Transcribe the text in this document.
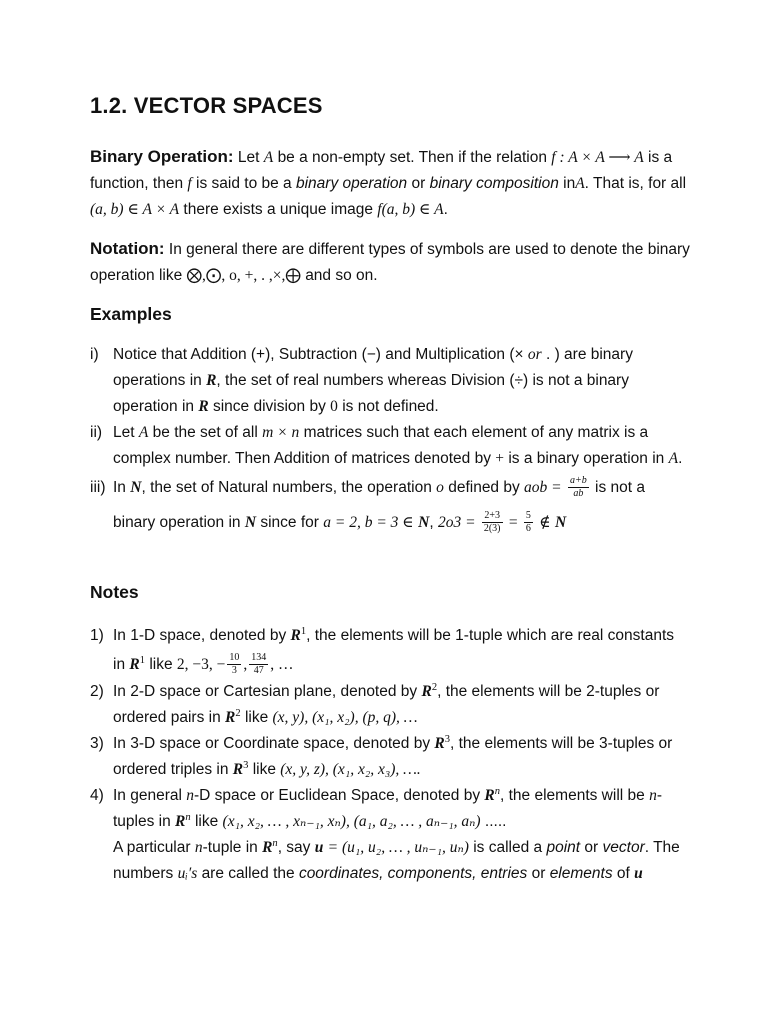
1.2. VECTOR SPACES
Binary Operation: Let A be a non-empty set. Then if the relation f : A × A ⟶ A is a function, then f is said to be a binary operation or binary composition inA. That is, for all (a, b) ∈ A × A there exists a unique image f(a, b) ∈ A.
Notation: In general there are different types of symbols are used to denote the binary operation like ⨂,⨀, o, +, . ,×,⨁ and so on.
Examples
i) Notice that Addition (+), Subtraction (−) and Multiplication (× or . ) are binary operations in R, the set of real numbers whereas Division (÷) is not a binary operation in R since division by 0 is not defined.
ii) Let A be the set of all m × n matrices such that each element of any matrix is a complex number. Then Addition of matrices denoted by + is a binary operation in A.
iii) In N, the set of Natural numbers, the operation o defined by aob = $\frac{a+b}{ab}$ is not a binary operation in N since for a = 2, b = 3 ∈ N, $2o3 = \frac{2+3}{2(3)} = \frac{5}{6}$ ∉ N
Notes
1) In 1-D space, denoted by $R^1$, the elements will be 1-tuple which are real constants in $R^1$ like 2, −3, − $\frac{10}{3}$ , $\frac{134}{47}$ , …
2) In 2-D space or Cartesian plane, denoted by $R^2$, the elements will be 2-tuples or ordered pairs in $R^2$ like (x, y), (x₁, x₂), (p, q), …
3) In 3-D space or Coordinate space, denoted by $R^3$, the elements will be 3-tuples or ordered triples in $R^3$ like (x, y, z), (x₁, x₂, x₃), ….
4) In general n-D space or Euclidean Space, denoted by $R^n$, the elements will be n-tuples in $R^n$ like (x₁, x₂, … , xₙ₋₁, xₙ), (a₁, a₂, … , aₙ₋₁, aₙ) .....
A particular n-tuple in $R^n$, say u = (u₁, u₂, … , uₙ₋₁, uₙ) is called a point or vector. The numbers uᵢ′s are called the coordinates, components, entries or elements of u
